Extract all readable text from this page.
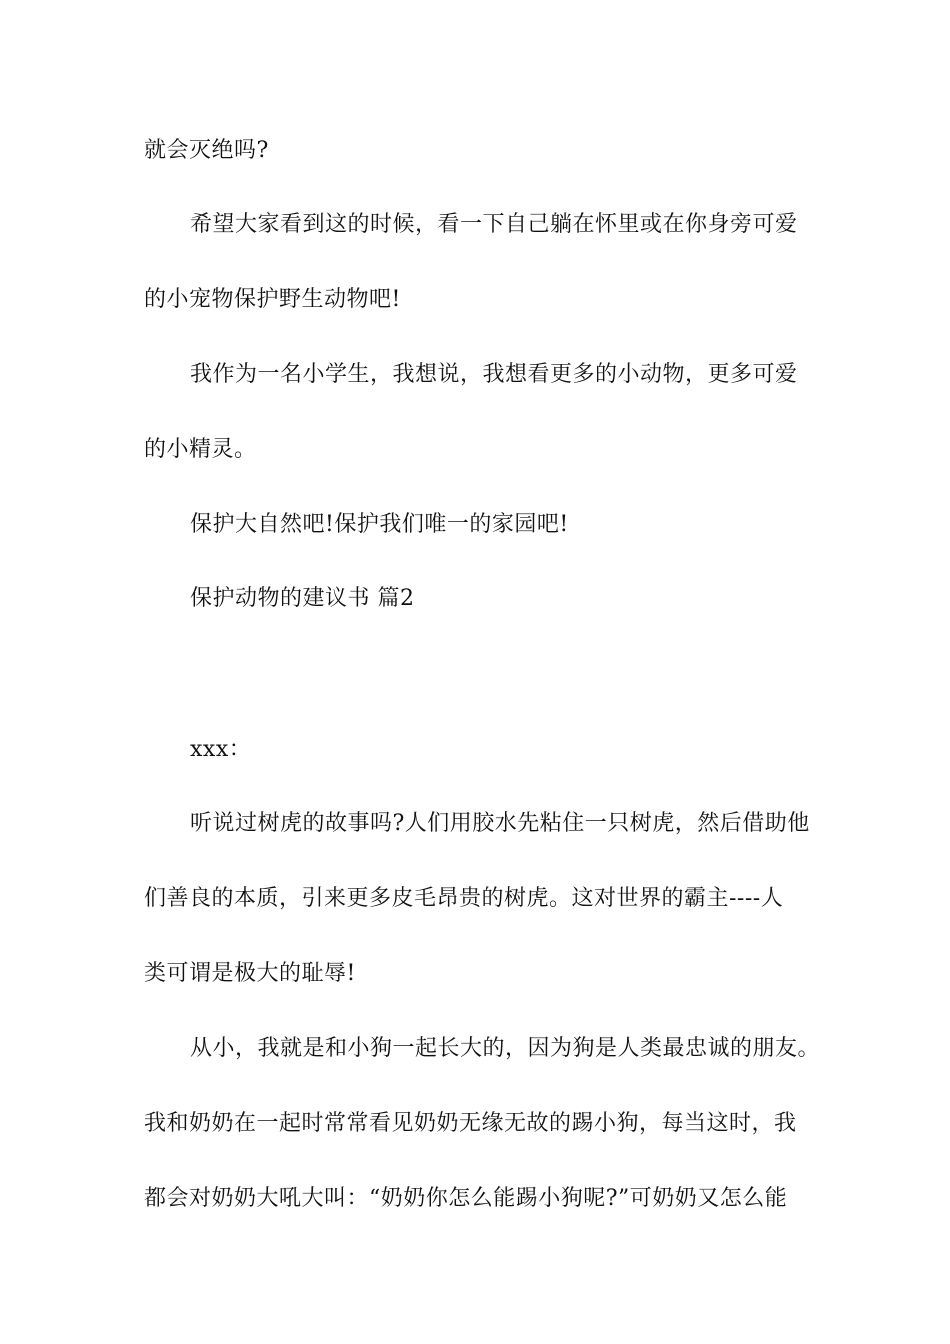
就会灭绝吗?
希望大家看到这的时候，看一下自己躺在怀里或在你身旁可爱
的小宠物保护野生动物吧!
我作为一名小学生，我想说，我想看更多的小动物，更多可爱
的小精灵。
保护大自然吧!保护我们唯一的家园吧!
保护动物的建议书 篇2
xxx：
听说过树虎的故事吗?人们用胶水先粘住一只树虎，然后借助他
们善良的本质，引来更多皮毛昂贵的树虎。这对世界的霸主----人
类可谓是极大的耻辱!
从小，我就是和小狗一起长大的，因为狗是人类最忠诚的朋友。
我和奶奶在一起时常常看见奶奶无缘无故的踢小狗，每当这时，我
都会对奶奶大吼大叫：“奶奶你怎么能踢小狗呢?”可奶奶又怎么能
